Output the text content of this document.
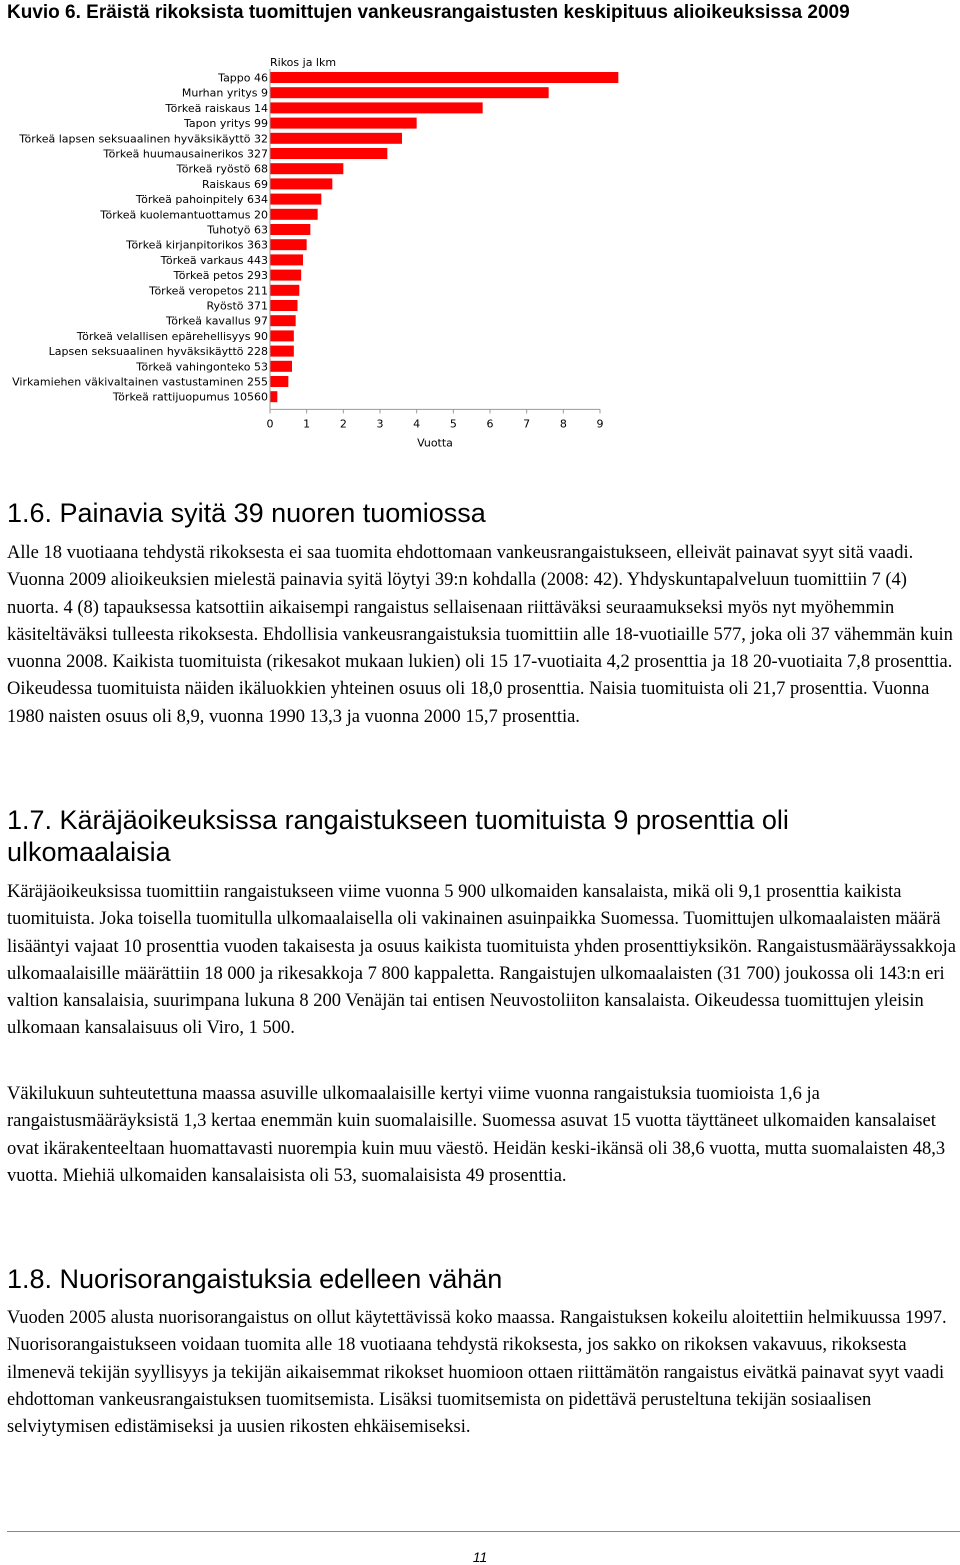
Kuvio 6. Eräistä rikoksista tuomittujen vankeusrangaistusten keskipituus alioikeuksissa 2009
Rikos ja lkm
Tappo 46
Murhan yritys 9
Törkeä raiskaus 14
Tapon yritys 99
Törkeä lapsen seksuaalinen hyväksikäyttö 32
Törkeä huumausainerikos 327
Törkeä ryöstö 68
Raiskaus 69
Törkeä pahoinpitely 634
Törkeä kuolemantuottamus 20
Tuhotyö 63
Törkeä kirjanpitorikos 363
Törkeä varkaus 443
Törkeä petos 293
Törkeä veropetos 211
Ryöstö 371
Törkeä kavallus 97
Törkeä velallisen epärehellisyys 90
Lapsen seksuaalinen hyväksikäyttö 228
Törkeä vahingonteko 53
Virkamiehen väkivaltainen vastustaminen 255
Törkeä rattijuopumus 10560
0	1	2	3	4	5	6	7	8	9
Vuotta
1.6. Painavia syitä 39 nuoren tuomiossa

Alle 18 vuotiaana tehdystä rikoksesta ei saa tuomita ehdottomaan vankeusrangaistukseen, elleivät painavat syyt sitä vaadi. Vuonna 2009 alioikeuksien mielestä painavia syitä löytyi 39:n kohdalla (2008: 42). Yhdyskuntapalveluun tuomittiin 7 (4) nuorta. 4 (8) tapauksessa katsottiin aikaisempi rangaistus sellaisenaan riittäväksi seuraamukseksi myös nyt myöhemmin käsiteltäväksi tulleesta rikoksesta. Ehdollisia vankeusrangaistuksia tuomittiin alle 18-vuotiaille 577, joka oli 37 vähemmän kuin vuonna 2008. Kaikista tuomituista (rikesakot mukaan lukien) oli 15 17-vuotiaita 4,2 prosenttia ja 18 20-vuotiaita 7,8 prosenttia. Oikeudessa tuomituista näiden ikäluokkien yhteinen osuus oli 18,0 prosenttia. Naisia tuomituista oli 21,7 prosenttia. Vuonna 1980 naisten osuus oli 8,9, vuonna 1990 13,3 ja vuonna 2000 15,7 prosenttia.

1.7. Käräjäoikeuksissa rangaistukseen tuomituista 9 prosenttia oli ulkomaalaisia

Käräjäoikeuksissa tuomittiin rangaistukseen viime vuonna 5 900 ulkomaiden kansalaista, mikä oli 9,1 prosenttia kaikista tuomituista. Joka toisella tuomitulla ulkomaalaisella oli vakinainen asuinpaikka Suomessa. Tuomittujen ulkomaalaisten määrä lisääntyi vajaat 10 prosenttia vuoden takaisesta ja osuus kaikista tuomituista yhden prosenttiyksikön. Rangaistusmääräyssakkoja ulkomaalaisille määrättiin 18 000 ja rikesakkoja 7 800 kappaletta. Rangaistujen ulkomaalaisten (31 700) joukossa oli 143:n eri valtion kansalaisia, suurimpana lukuna 8 200 Venäjän tai entisen Neuvostoliiton kansalaista. Oikeudessa tuomittujen yleisin ulkomaan kansalaisuus oli Viro, 1 500.

Väkilukuun suhteutettuna maassa asuville ulkomaalaisille kertyi viime vuonna rangaistuksia tuomioista 1,6 ja rangaistusmääräyksistä 1,3 kertaa enemmän kuin suomalaisille. Suomessa asuvat 15 vuotta täyttäneet ulkomaiden kansalaiset ovat ikärakenteeltaan huomattavasti nuorempia kuin muu väestö. Heidän keski-ikänsä oli 38,6 vuotta, mutta suomalaisten 48,3 vuotta. Miehiä ulkomaiden kansalaisista oli 53, suomalaisista 49 prosenttia.

1.8. Nuorisorangaistuksia edelleen vähän

Vuoden 2005 alusta nuorisorangaistus on ollut käytettävissä koko maassa. Rangaistuksen kokeilu aloitettiin helmikuussa 1997. Nuorisorangaistukseen voidaan tuomita alle 18 vuotiaana tehdystä rikoksesta, jos sakko on rikoksen vakavuus, rikoksesta ilmenevä tekijän syyllisyys ja tekijän aikaisemmat rikokset huomioon ottaen riittämätön rangaistus eivätkä painavat syyt vaadi ehdottoman vankeusrangaistuksen tuomitsemista. Lisäksi tuomitsemista on pidettävä perusteltuna tekijän sosiaalisen selviytymisen edistämiseksi ja uusien rikosten ehkäisemiseksi.

11
